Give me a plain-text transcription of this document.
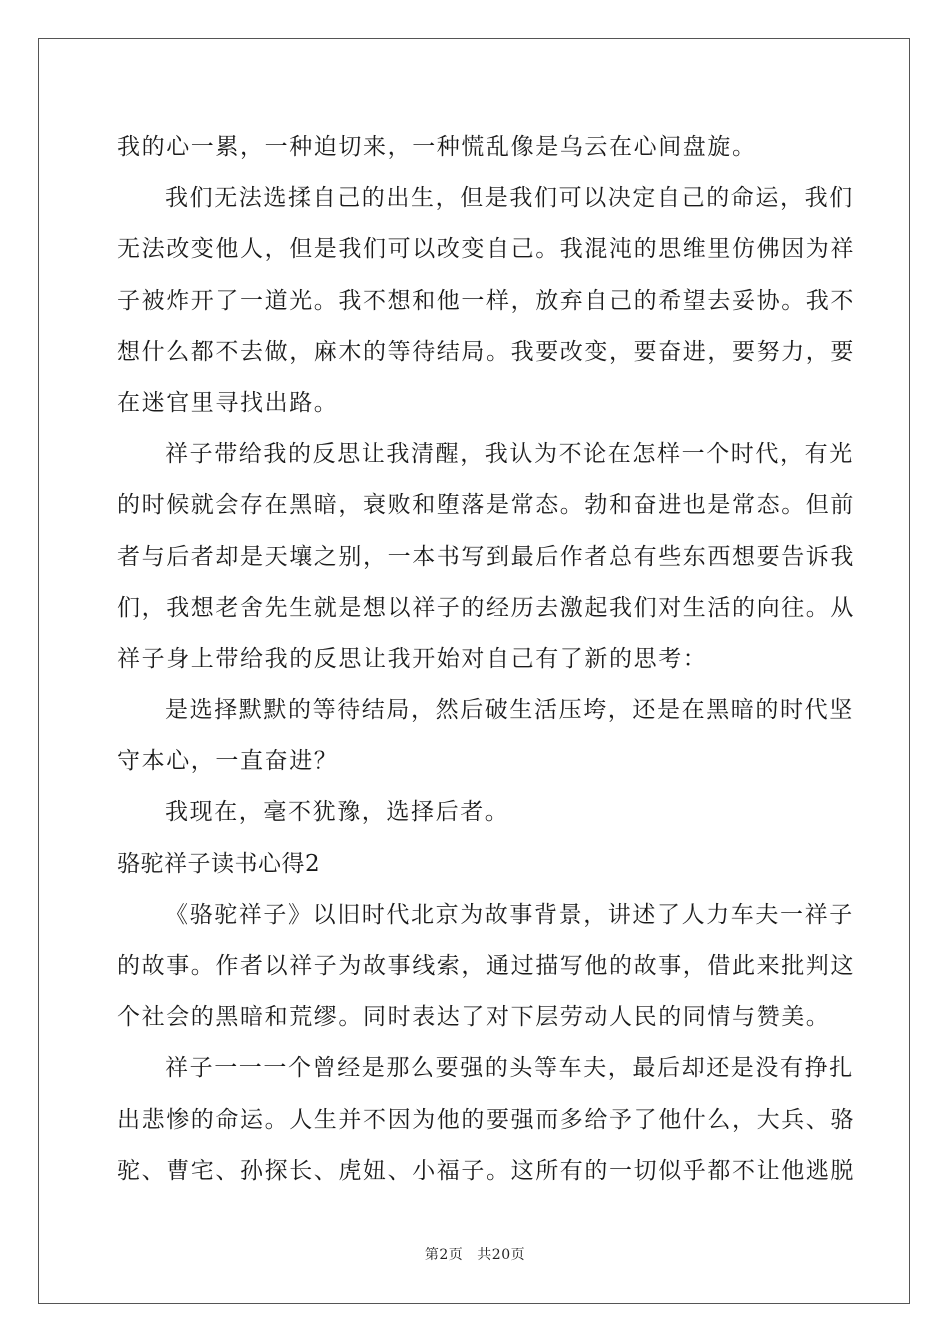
我的心一累，一种迫切来，一种慌乱像是乌云在心间盘旋。
我们无法选揉自己的出生，但是我们可以决定自己的命运，我们
无法改变他人，但是我们可以改变自己。我混沌的思维里仿佛因为祥
子被炸开了一道光。我不想和他一样，放弃自己的希望去妥协。我不
想什么都不去做，麻木的等待结局。我要改变，要奋进，要努力，要
在迷官里寻找出路。
祥子带给我的反思让我清醒，我认为不论在怎样一个时代，有光
的时候就会存在黑暗，衰败和堕落是常态。勃和奋进也是常态。但前
者与后者却是天壤之别，一本书写到最后作者总有些东西想要告诉我
们，我想老舍先生就是想以祥子的经历去激起我们对生活的向往。从
祥子身上带给我的反思让我开始对自己有了新的思考：
是选择默默的等待结局，然后破生活压垮，还是在黑暗的时代坚
守本心，一直奋进？
我现在，毫不犹豫，选择后者。
骆驼祥子读书心得2
《骆驼祥子》以旧时代北京为故事背景，讲述了人力车夫一祥子
的故事。作者以祥子为故事线索，通过描写他的故事，借此来批判这
个社会的黑暗和荒缪。同时表达了对下层劳动人民的同情与赞美。
祥子一一一个曾经是那么要强的头等车夫，最后却还是没有挣扎
出悲惨的命运。人生并不因为他的要强而多给予了他什么，大兵、骆
驼、曹宅、孙探长、虎妞、小福子。这所有的一切似乎都不让他逃脱
第2页 共20页
